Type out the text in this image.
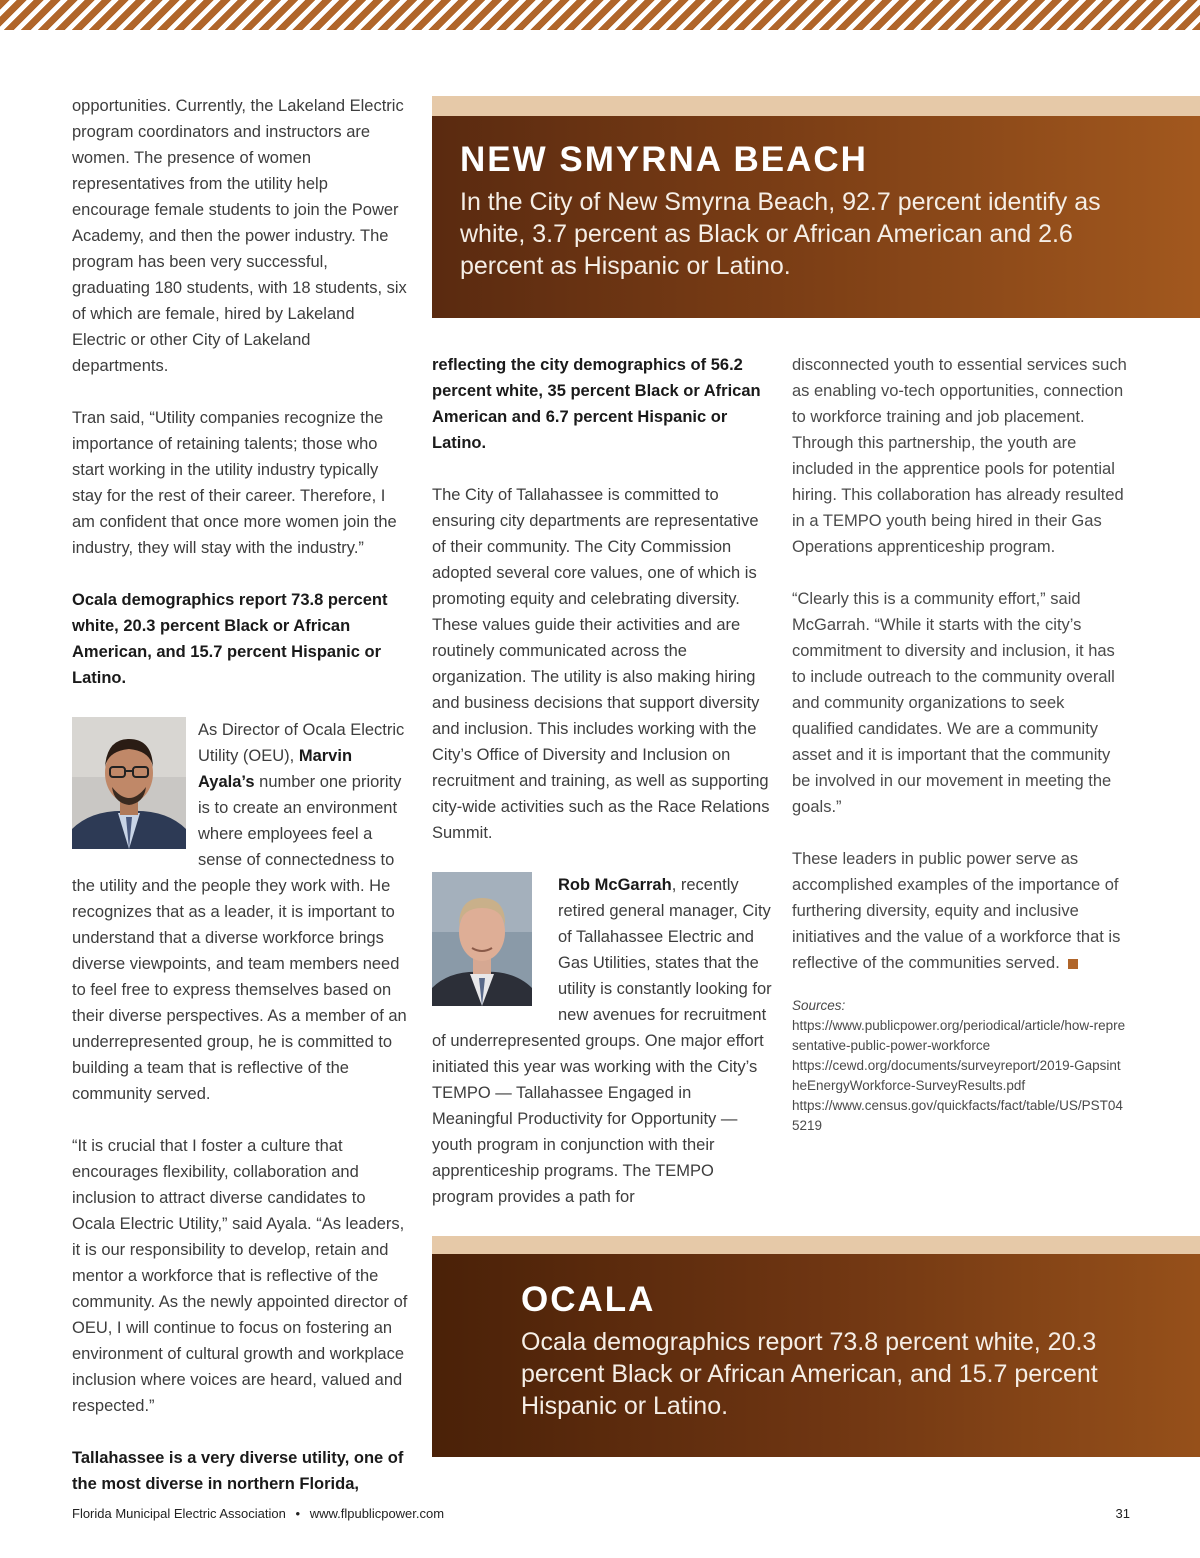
opportunities. Currently, the Lakeland Electric program coordinators and instructors are women. The presence of women representatives from the utility help encourage female students to join the Power Academy, and then the power industry. The program has been very successful, graduating 180 students, with 18 students, six of which are female, hired by Lakeland Electric or other City of Lakeland departments.

Tran said, “Utility companies recognize the importance of retaining talents; those who start working in the utility industry typically stay for the rest of their career. Therefore, I am confident that once more women join the industry, they will stay with the industry.”

Ocala demographics report 73.8 percent white, 20.3 percent Black or African American, and 15.7 percent Hispanic or Latino.

As Director of Ocala Electric Utility (OEU), Marvin Ayala’s number one priority is to create an environment where employees feel a sense of connectedness to the utility and the people they work with. He recognizes that as a leader, it is important to understand that a diverse workforce brings diverse viewpoints, and team members need to feel free to express themselves based on their diverse perspectives. As a member of an underrepresented group, he is committed to building a team that is reflective of the community served.

“It is crucial that I foster a culture that encourages flexibility, collaboration and inclusion to attract diverse candidates to Ocala Electric Utility,” said Ayala. “As leaders, it is our responsibility to develop, retain and mentor a workforce that is reflective of the community. As the newly appointed director of OEU, I will continue to focus on fostering an environment of cultural growth and workplace inclusion where voices are heard, valued and respected.”

Tallahassee is a very diverse utility, one of the most diverse in northern Florida,

NEW SMYRNA BEACH

In the City of New Smyrna Beach, 92.7 percent identify as white, 3.7 percent as Black or African American and 2.6 percent as Hispanic or Latino.

reflecting the city demographics of 56.2 percent white, 35 percent Black or African American and 6.7 percent Hispanic or Latino.

The City of Tallahassee is committed to ensuring city departments are representative of their community. The City Commission adopted several core values, one of which is promoting equity and celebrating diversity. These values guide their activities and are routinely communicated across the organization. The utility is also making hiring and business decisions that support diversity and inclusion. This includes working with the City’s Office of Diversity and Inclusion on recruitment and training, as well as supporting city-wide activities such as the Race Relations Summit.

Rob McGarrah, recently retired general manager, City of Tallahassee Electric and Gas Utilities, states that the utility is constantly looking for new avenues for recruitment of underrepresented groups. One major effort initiated this year was working with the City’s TEMPO — Tallahassee Engaged in Meaningful Productivity for Opportunity — youth program in conjunction with their apprenticeship programs. The TEMPO program provides a path for

disconnected youth to essential services such as enabling vo-tech opportunities, connection to workforce training and job placement. Through this partnership, the youth are included in the apprentice pools for potential hiring. This collaboration has already resulted in a TEMPO youth being hired in their Gas Operations apprenticeship program.

“Clearly this is a community effort,” said McGarrah. “While it starts with the city’s commitment to diversity and inclusion, it has to include outreach to the community overall and community organizations to seek qualified candidates. We are a community asset and it is important that the community be involved in our movement in meeting the goals.”

These leaders in public power serve as accomplished examples of the importance of furthering diversity, equity and inclusive initiatives and the value of a workforce that is reflective of the communities served.

Sources:
https://www.publicpower.org/periodical/article/how-representative-public-power-workforce
https://cewd.org/documents/surveyreport/2019-GapsintheEnergyWorkforce-SurveyResults.pdf
https://www.census.gov/quickfacts/fact/table/US/PST045219
OCALA

Ocala demographics report 73.8 percent white, 20.3 percent Black or African American, and 15.7 percent Hispanic or Latino.

Florida Municipal Electric Association • www.flpublicpower.com	31
